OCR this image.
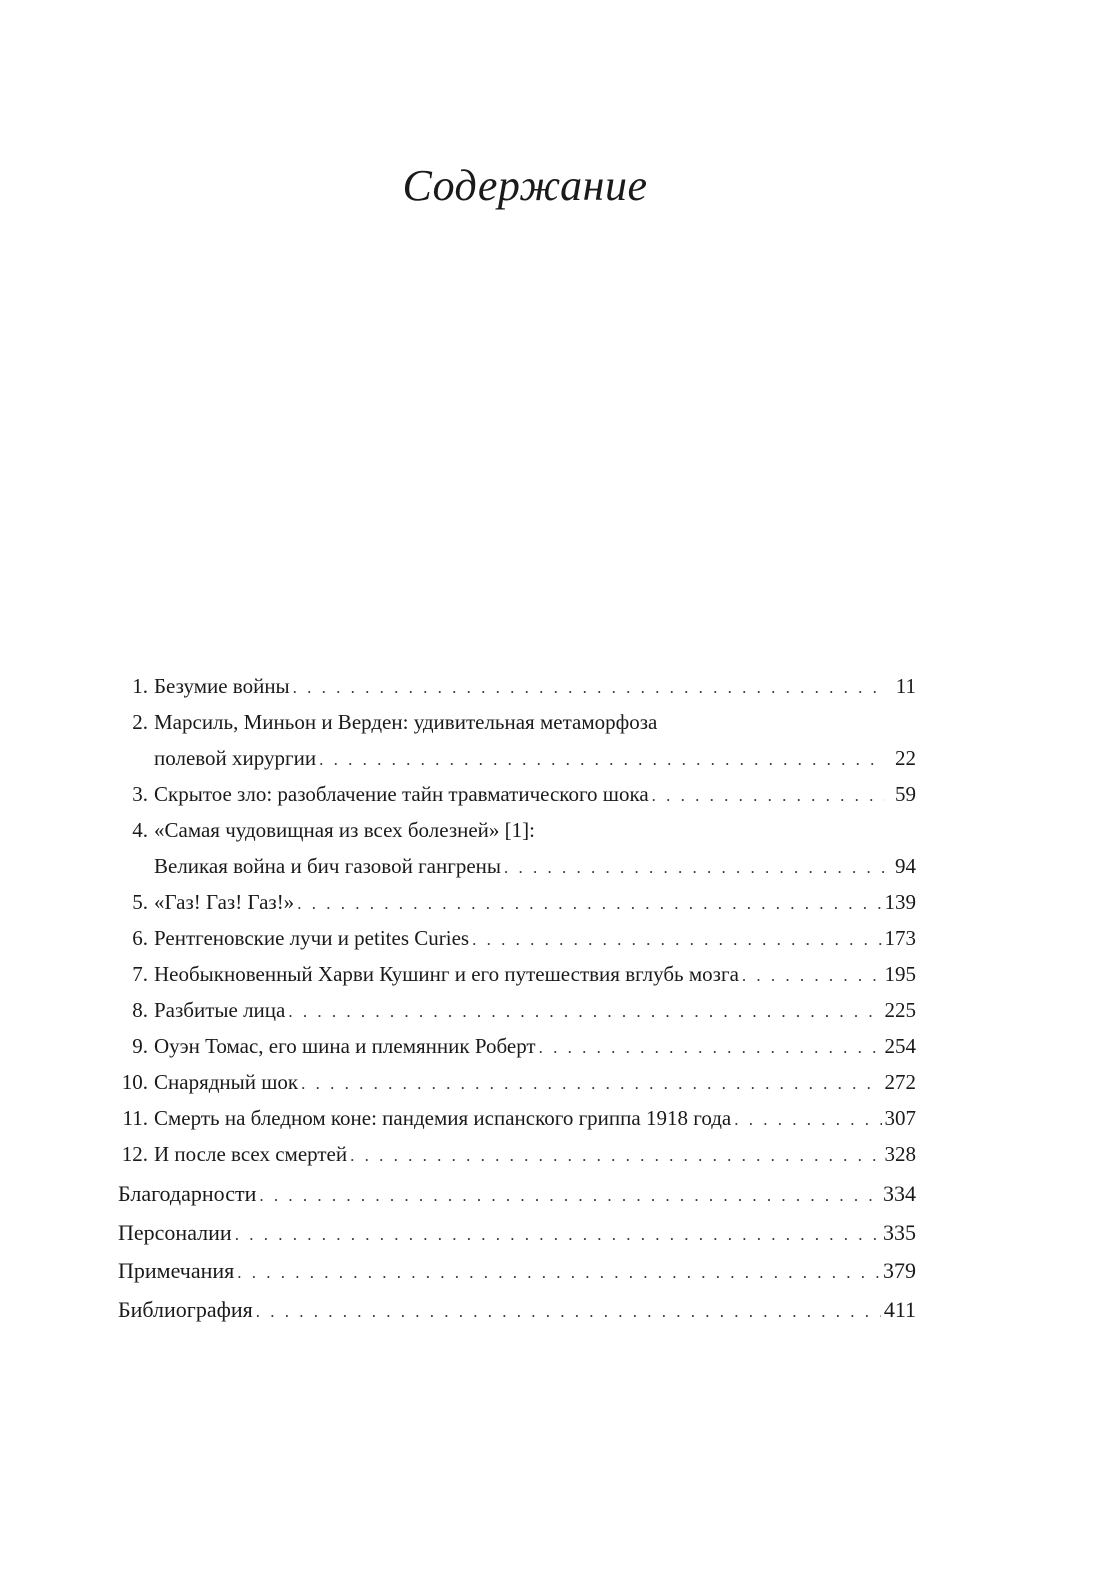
Содержание
1. Безумие войны . . .	11
2. Марсиль, Миньон и Верден: удивительная метаморфоза
полевой хирургии . . .	22
3. Скрытое зло: разоблачение тайн травматического шока . . .	59
4. «Самая чудовищная из всех болезней» [1]:
Великая война и бич газовой гангрены . . .	94
5. «Газ! Газ! Газ!» . . .	139
6. Рентгеновские лучи и petites Curies . . .	173
7. Необыкновенный Харви Кушинг и его путешествия вглубь мозга . . .	195
8. Разбитые лица . . .	225
9. Оуэн Томас, его шина и племянник Роберт . . .	254
10. Снарядный шок . . .	272
11. Смерть на бледном коне: пандемия испанского гриппа 1918 года . . .	307
12. И после всех смертей . . .	328
Благодарности . . .	334
Персоналии . . .	335
Примечания . . .	379
Библиография . . .	411
